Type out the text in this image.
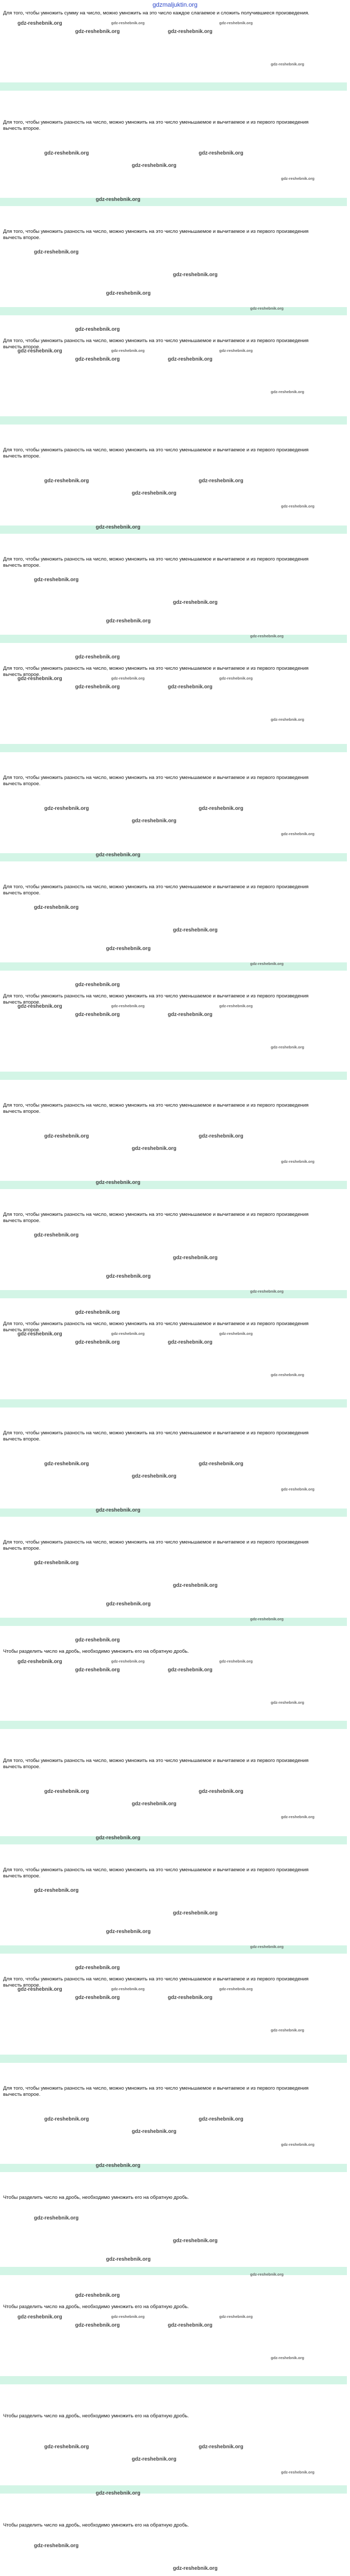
gdzmaljuktin.org

Для того, чтобы умножить сумму на число, можно умножить на это число каждое слагаемое и сложить получившиеся произведения.

gdz-reshebnik.org
gdz-reshebnik.org
gdz-reshebnik.org
gdz-reshebnik.org
gdz-reshebnik.org
gdz-reshebnik.org

Для того, чтобы умножить разность на число, можно умножить на это число уменьшаемое и вычитаемое и из первого произведения вычесть второе.

gdz-reshebnik.org
gdz-reshebnik.org
gdz-reshebnik.org
gdz-reshebnik.org
gdz-reshebnik.org

Для того, чтобы умножить разность на число, можно умножить на это число уменьшаемое и вычитаемое и из первого произведения вычесть второе.

gdz-reshebnik.org
gdz-reshebnik.org
gdz-reshebnik.org
gdz-reshebnik.org
gdz-reshebnik.org

Для того, чтобы умножить разность на число, можно умножить на это число уменьшаемое и вычитаемое и из первого произведения вычесть второе.

gdz-reshebnik.org
gdz-reshebnik.org
gdz-reshebnik.org
gdz-reshebnik.org
gdz-reshebnik.org
gdz-reshebnik.org

Для того, чтобы умножить разность на число, можно умножить на это число уменьшаемое и вычитаемое и из первого произведения вычесть второе.

gdz-reshebnik.org
gdz-reshebnik.org
gdz-reshebnik.org
gdz-reshebnik.org
gdz-reshebnik.org

Для того, чтобы умножить разность на число, можно умножить на это число уменьшаемое и вычитаемое и из первого произведения вычесть второе.

gdz-reshebnik.org
gdz-reshebnik.org
gdz-reshebnik.org
gdz-reshebnik.org
gdz-reshebnik.org

Для того, чтобы умножить разность на число, можно умножить на это число уменьшаемое и вычитаемое и из первого произведения вычесть второе.

gdz-reshebnik.org
gdz-reshebnik.org
gdz-reshebnik.org
gdz-reshebnik.org
gdz-reshebnik.org
gdz-reshebnik.org

Для того, чтобы умножить разность на число, можно умножить на это число уменьшаемое и вычитаемое и из первого произведения вычесть второе.

gdz-reshebnik.org
gdz-reshebnik.org
gdz-reshebnik.org
gdz-reshebnik.org
gdz-reshebnik.org

Для того, чтобы умножить разность на число, можно умножить на это число уменьшаемое и вычитаемое и из первого произведения вычесть второе.

gdz-reshebnik.org
gdz-reshebnik.org
gdz-reshebnik.org
gdz-reshebnik.org
gdz-reshebnik.org

Для того, чтобы умножить разность на число, можно умножить на это число уменьшаемое и вычитаемое и из первого произведения вычесть второе.

gdz-reshebnik.org
gdz-reshebnik.org
gdz-reshebnik.org
gdz-reshebnik.org
gdz-reshebnik.org
gdz-reshebnik.org

Для того, чтобы умножить разность на число, можно умножить на это число уменьшаемое и вычитаемое и из первого произведения вычесть второе.

gdz-reshebnik.org
gdz-reshebnik.org
gdz-reshebnik.org
gdz-reshebnik.org
gdz-reshebnik.org

Для того, чтобы умножить разность на число, можно умножить на это число уменьшаемое и вычитаемое и из первого произведения вычесть второе.

gdz-reshebnik.org
gdz-reshebnik.org
gdz-reshebnik.org
gdz-reshebnik.org
gdz-reshebnik.org

Для того, чтобы умножить разность на число, можно умножить на это число уменьшаемое и вычитаемое и из первого произведения вычесть второе.

gdz-reshebnik.org
gdz-reshebnik.org
gdz-reshebnik.org
gdz-reshebnik.org
gdz-reshebnik.org
gdz-reshebnik.org

Для того, чтобы умножить разность на число, можно умножить на это число уменьшаемое и вычитаемое и из первого произведения вычесть второе.

gdz-reshebnik.org
gdz-reshebnik.org
gdz-reshebnik.org
gdz-reshebnik.org
gdz-reshebnik.org

Для того, чтобы умножить разность на число, можно умножить на это число уменьшаемое и вычитаемое и из первого произведения вычесть второе.

gdz-reshebnik.org
gdz-reshebnik.org
gdz-reshebnik.org
gdz-reshebnik.org
gdz-reshebnik.org

Чтобы разделить число на дробь, необходимо умножить его на обратную дробь.

gdz-reshebnik.org
gdz-reshebnik.org
gdz-reshebnik.org
gdz-reshebnik.org
gdz-reshebnik.org
gdz-reshebnik.org

Для того, чтобы умножить разность на число, можно умножить на это число уменьшаемое и вычитаемое и из первого произведения вычесть второе.

gdz-reshebnik.org
gdz-reshebnik.org
gdz-reshebnik.org
gdz-reshebnik.org
gdz-reshebnik.org

Для того, чтобы умножить разность на число, можно умножить на это число уменьшаемое и вычитаемое и из первого произведения вычесть второе.

gdz-reshebnik.org
gdz-reshebnik.org
gdz-reshebnik.org
gdz-reshebnik.org
gdz-reshebnik.org

Для того, чтобы умножить разность на число, можно умножить на это число уменьшаемое и вычитаемое и из первого произведения вычесть второе.

gdz-reshebnik.org
gdz-reshebnik.org
gdz-reshebnik.org
gdz-reshebnik.org
gdz-reshebnik.org
gdz-reshebnik.org

Для того, чтобы умножить разность на число, можно умножить на это число уменьшаемое и вычитаемое и из первого произведения вычесть второе.

gdz-reshebnik.org
gdz-reshebnik.org
gdz-reshebnik.org
gdz-reshebnik.org
gdz-reshebnik.org

Чтобы разделить число на дробь, необходимо умножить его на обратную дробь.

gdz-reshebnik.org
gdz-reshebnik.org
gdz-reshebnik.org
gdz-reshebnik.org
gdz-reshebnik.org

Чтобы разделить число на дробь, необходимо умножить его на обратную дробь.

gdz-reshebnik.org
gdz-reshebnik.org
gdz-reshebnik.org
gdz-reshebnik.org
gdz-reshebnik.org
gdz-reshebnik.org

Чтобы разделить число на дробь, необходимо умножить его на обратную дробь.

gdz-reshebnik.org
gdz-reshebnik.org
gdz-reshebnik.org
gdz-reshebnik.org
gdz-reshebnik.org

Чтобы разделить число на дробь, необходимо умножить его на обратную дробь.

gdz-reshebnik.org
gdz-reshebnik.org
